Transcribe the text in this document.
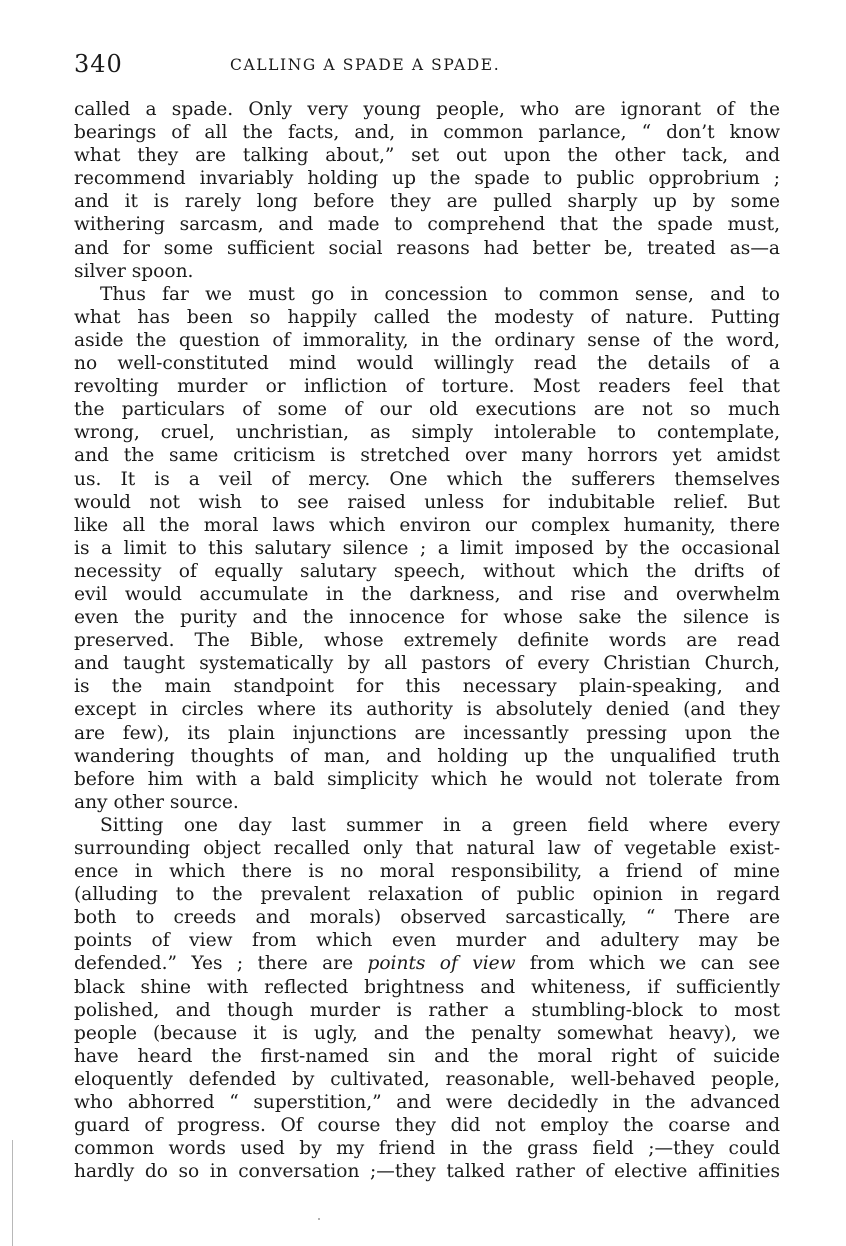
340	CALLING A SPADE A SPADE.
called a spade. Only very young people, who are ignorant of the
bearings of all the facts, and, in common parlance, “ don’t know
what they are talking about,” set out upon the other tack, and
recommend invariably holding up the spade to public opprobrium ;
and it is rarely long before they are pulled sharply up by some
withering sarcasm, and made to comprehend that the spade must,
and for some sufficient social reasons had better be, treated as—a
silver spoon.
Thus far we must go in concession to common sense, and to
what has been so happily called the modesty of nature. Putting
aside the question of immorality, in the ordinary sense of the word,
no well-constituted mind would willingly read the details of a
revolting murder or infliction of torture. Most readers feel that
the particulars of some of our old executions are not so much
wrong, cruel, unchristian, as simply intolerable to contemplate,
and the same criticism is stretched over many horrors yet amidst
us. It is a veil of mercy. One which the sufferers themselves
would not wish to see raised unless for indubitable relief. But
like all the moral laws which environ our complex humanity, there
is a limit to this salutary silence ; a limit imposed by the occasional
necessity of equally salutary speech, without which the drifts of
evil would accumulate in the darkness, and rise and overwhelm
even the purity and the innocence for whose sake the silence is
preserved. The Bible, whose extremely definite words are read
and taught systematically by all pastors of every Christian Church,
is the main standpoint for this necessary plain-speaking, and
except in circles where its authority is absolutely denied (and they
are few), its plain injunctions are incessantly pressing upon the
wandering thoughts of man, and holding up the unqualified truth
before him with a bald simplicity which he would not tolerate from
any other source.
Sitting one day last summer in a green field where every
surrounding object recalled only that natural law of vegetable exist-
ence in which there is no moral responsibility, a friend of mine
(alluding to the prevalent relaxation of public opinion in regard
both to creeds and morals) observed sarcastically, “ There are
points of view from which even murder and adultery may be
defended.” Yes ; there are points of view from which we can see
black shine with reflected brightness and whiteness, if sufficiently
polished, and though murder is rather a stumbling-block to most
people (because it is ugly, and the penalty somewhat heavy), we
have heard the first-named sin and the moral right of suicide
eloquently defended by cultivated, reasonable, well-behaved people,
who abhorred “ superstition,” and were decidedly in the advanced
guard of progress. Of course they did not employ the coarse and
common words used by my friend in the grass field ;—they could
hardly do so in conversation ;—they talked rather of elective affinities
